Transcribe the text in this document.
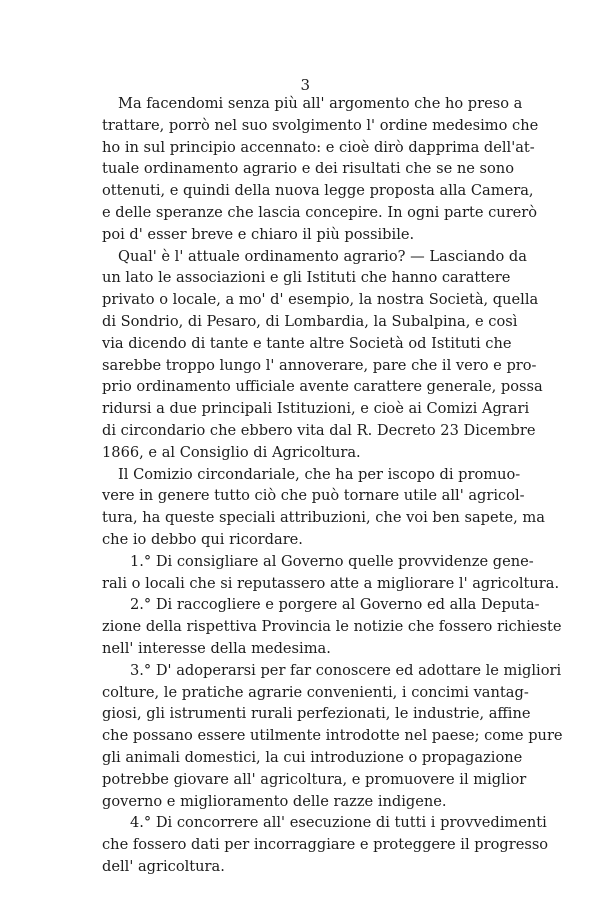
3
Ma facendomi senza più all' argomento che ho preso a
trattare, porrò nel suo svolgimento l' ordine medesimo che
ho in sul principio accennato: e cioè dirò dapprima dell'at-
tuale ordinamento agrario e dei risultati che se ne sono
ottenuti, e quindi della nuova legge proposta alla Camera,
e delle speranze che lascia concepire. In ogni parte curerò
poi d' esser breve e chiaro il più possibile.
Qual' è l' attuale ordinamento agrario? — Lasciando da
un lato le associazioni e gli Istituti che hanno carattere
privato o locale, a mo' d' esempio, la nostra Società, quella
di Sondrio, di Pesaro, di Lombardia, la Subalpina, e così
via dicendo di tante e tante altre Società od Istituti che
sarebbe troppo lungo l' annoverare, pare che il vero e pro-
prio ordinamento ufficiale avente carattere generale, possa
ridursi a due principali Istituzioni, e cioè ai Comizi Agrari
di circondario che ebbero vita dal R. Decreto 23 Dicembre
1866, e al Consiglio di Agricoltura.
Il Comizio circondariale, che ha per iscopo di promuo-
vere in genere tutto ciò che può tornare utile all' agricol-
tura, ha queste speciali attribuzioni, che voi ben sapete, ma
che io debbo qui ricordare.
1.° Di consigliare al Governo quelle provvidenze gene-
rali o locali che si reputassero atte a migliorare l' agricoltura.
2.° Di raccogliere e porgere al Governo ed alla Deputa-
zione della rispettiva Provincia le notizie che fossero richieste
nell' interesse della medesima.
3.° D' adoperarsi per far conoscere ed adottare le migliori
colture, le pratiche agrarie convenienti, i concimi vantag-
giosi, gli istrumenti rurali perfezionati, le industrie, affine
che possano essere utilmente introdotte nel paese; come pure
gli animali domestici, la cui introduzione o propagazione
potrebbe giovare all' agricoltura, e promuovere il miglior
governo e miglioramento delle razze indigene.
4.° Di concorrere all' esecuzione di tutti i provvedimenti
che fossero dati per incorraggiare e proteggere il progresso
dell' agricoltura.
